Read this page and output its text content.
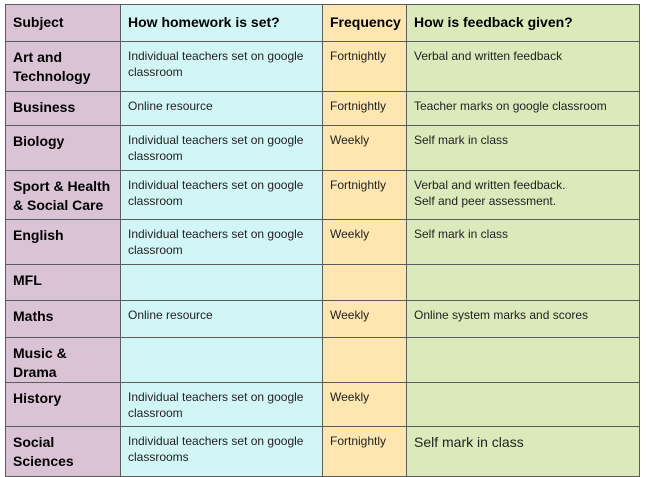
Subject	How homework is set?	Frequency	How is feedback given?

Art and
Technology	Individual teachers set on google
classroom	Fortnightly	Verbal and written feedback

Business	Online resource	Fortnightly	Teacher marks on google classroom

Biology	Individual teachers set on google
classroom	Weekly	Self mark in class

Sport & Health
& Social Care	Individual teachers set on google
classroom	Fortnightly	Verbal and written feedback.
Self and peer assessment.

English	Individual teachers set on google
classroom	Weekly	Self mark in class

MFL			

Maths	Online resource	Weekly	Online system marks and scores

Music & Drama			

History	Individual teachers set on google
classroom	Weekly	

Social
Sciences	Individual teachers set on google
classrooms	Fortnightly	Self mark in class
